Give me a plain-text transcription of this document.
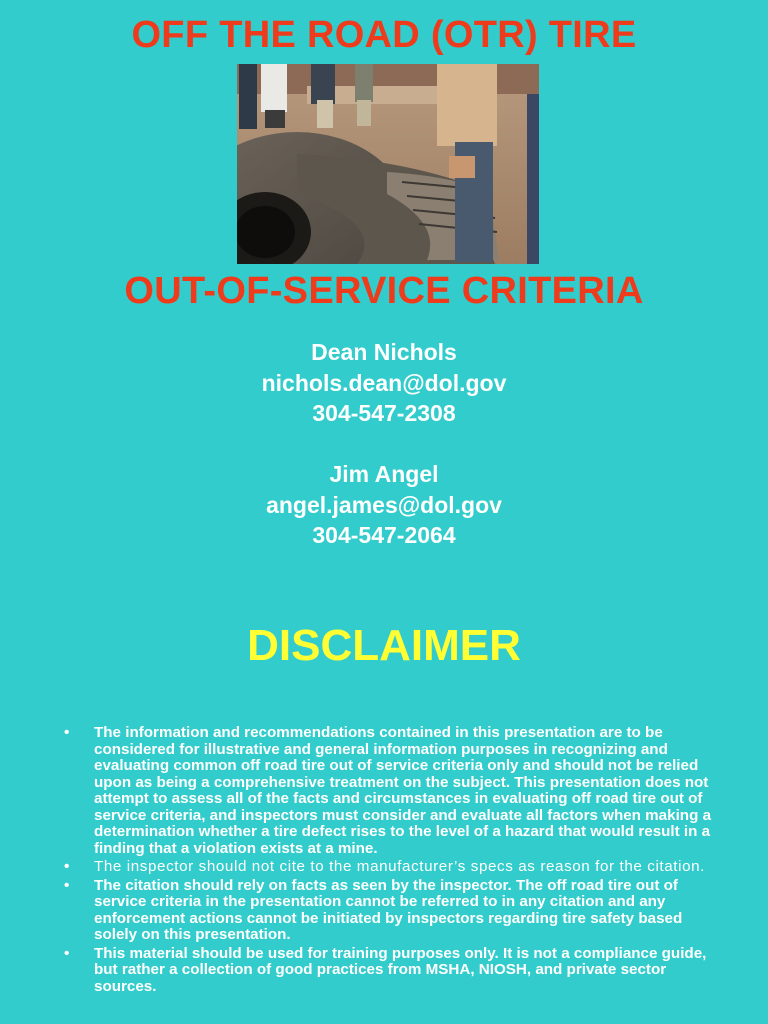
OFF THE ROAD (OTR) TIRE
OUT-OF-SERVICE CRITERIA
Dean Nichols
nichols.dean@dol.gov
304-547-2308
Jim Angel
angel.james@dol.gov
304-547-2064
DISCLAIMER
• The information and recommendations contained in this presentation are to be considered for illustrative and general information purposes in recognizing and evaluating common off road tire out of service criteria only and should not be relied upon as being a comprehensive treatment on the subject. This presentation does not attempt to assess all of the facts and circumstances in evaluating off road tire out of service criteria, and inspectors must consider and evaluate all factors when making a determination whether a tire defect rises to the level of a hazard that would result in a finding that a violation exists at a mine.
• The inspector should not cite to the manufacturer’s specs as reason for the citation.
• The citation should rely on facts as seen by the inspector. The off road tire out of service criteria in the presentation cannot be referred to in any citation and any enforcement actions cannot be initiated by inspectors regarding tire safety based solely on this presentation.
• This material should be used for training purposes only. It is not a compliance guide, but rather a collection of good practices from MSHA, NIOSH, and private sector sources.
